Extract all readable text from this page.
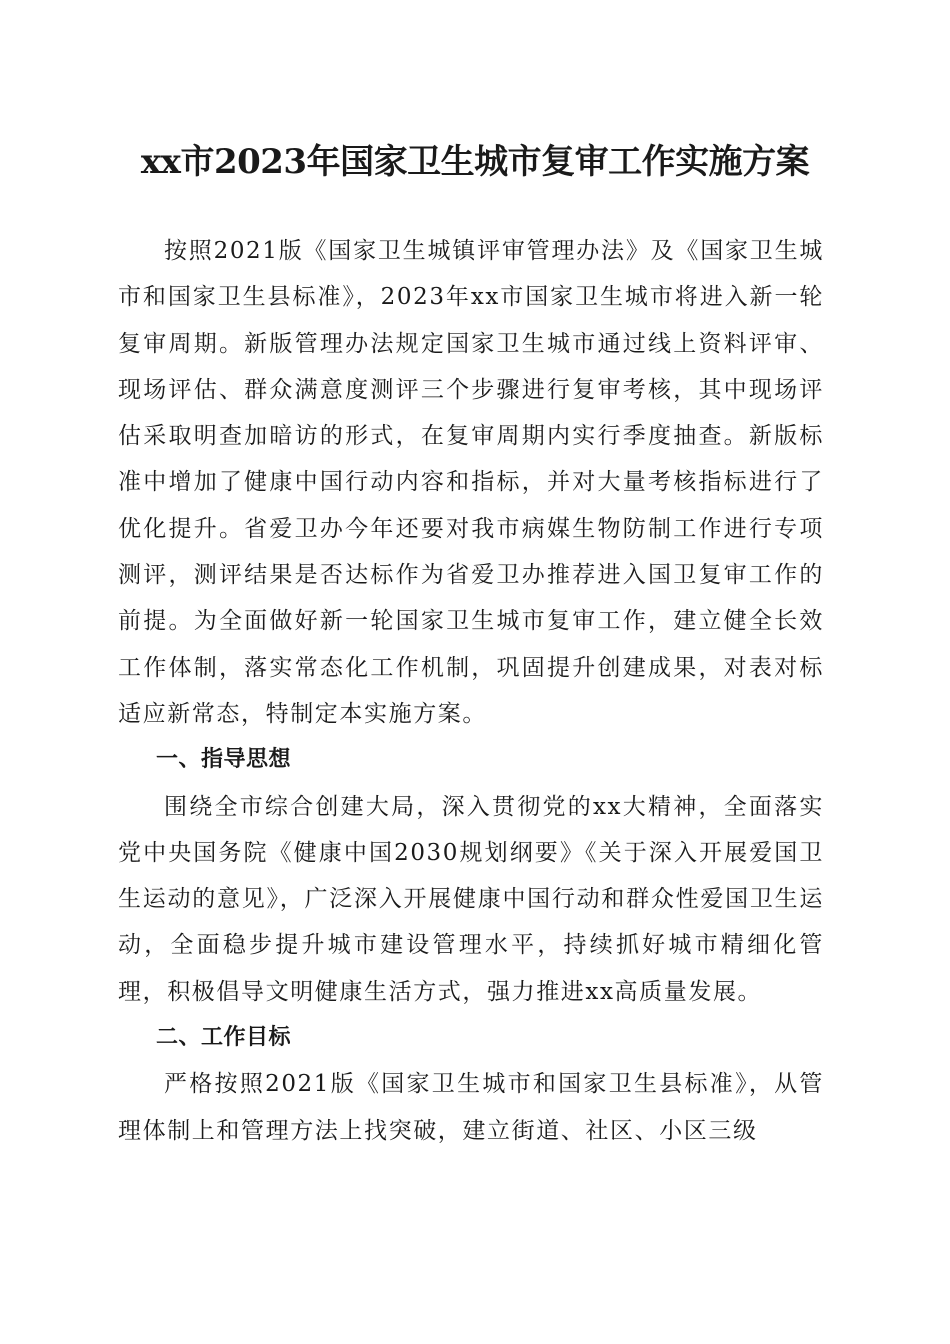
xx市2023年国家卫生城市复审工作实施方案

按照2021版《国家卫生城镇评审管理办法》及《国家卫生城市和国家卫生县标准》，2023年xx市国家卫生城市将进入新一轮复审周期。新版管理办法规定国家卫生城市通过线上资料评审、现场评估、群众满意度测评三个步骤进行复审考核，其中现场评估采取明查加暗访的形式，在复审周期内实行季度抽查。新版标准中增加了健康中国行动内容和指标，并对大量考核指标进行了优化提升。省爱卫办今年还要对我市病媒生物防制工作进行专项测评，测评结果是否达标作为省爱卫办推荐进入国卫复审工作的前提。为全面做好新一轮国家卫生城市复审工作，建立健全长效工作体制，落实常态化工作机制，巩固提升创建成果，对表对标适应新常态，特制定本实施方案。

一、指导思想

围绕全市综合创建大局，深入贯彻党的xx大精神，全面落实党中央国务院《健康中国2030规划纲要》《关于深入开展爱国卫生运动的意见》，广泛深入开展健康中国行动和群众性爱国卫生运动，全面稳步提升城市建设管理水平，持续抓好城市精细化管理，积极倡导文明健康生活方式，强力推进xx高质量发展。

二、工作目标

严格按照2021版《国家卫生城市和国家卫生县标准》，从管理体制上和管理方法上找突破，建立街道、社区、小区三级
